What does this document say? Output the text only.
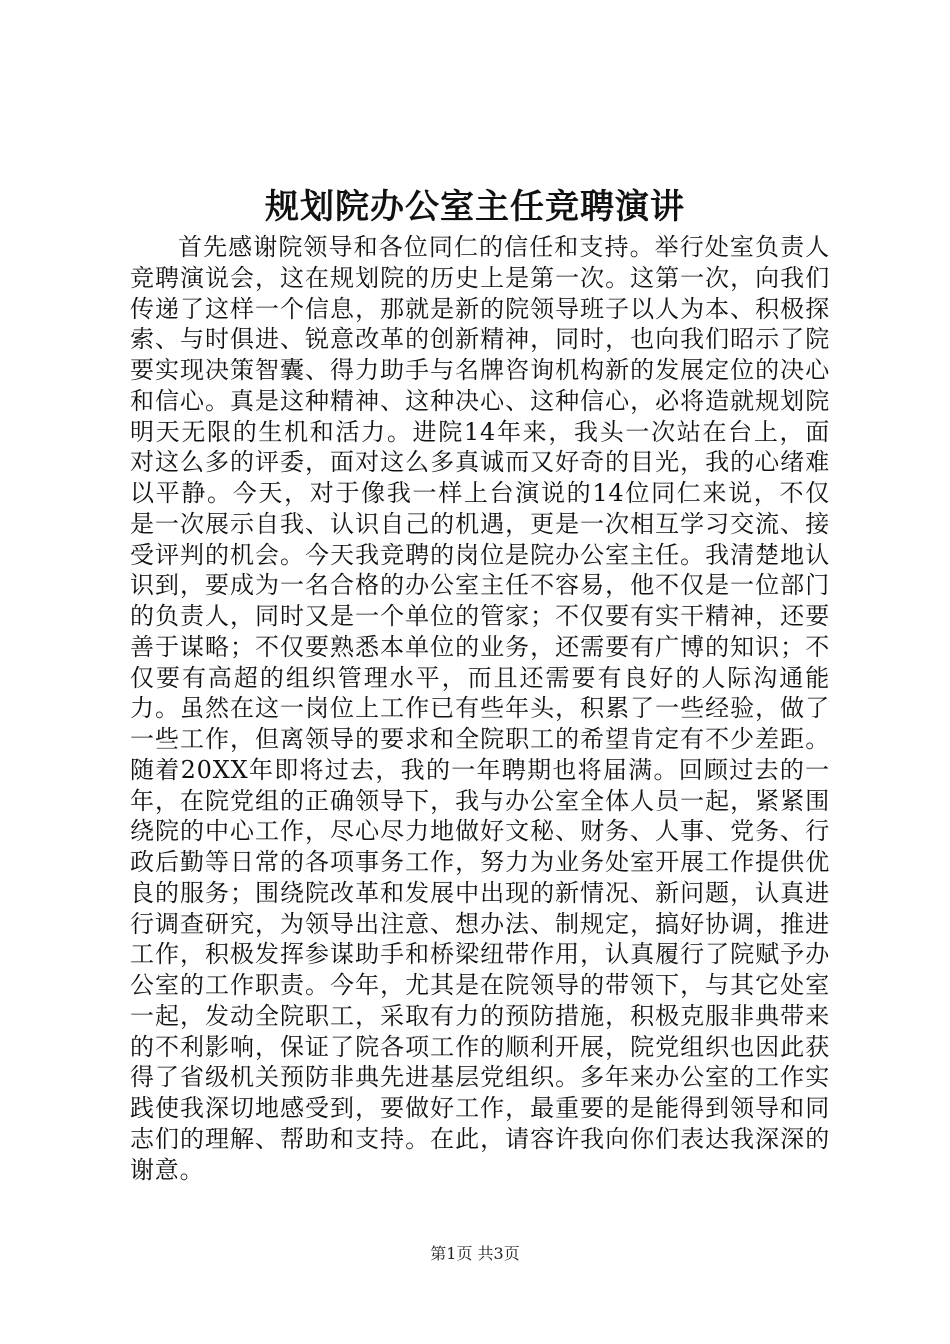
规划院办公室主任竞聘演讲

首先感谢院领导和各位同仁的信任和支持。举行处室负责人竞聘演说会，这在规划院的历史上是第一次。这第一次，向我们传递了这样一个信息，那就是新的院领导班子以人为本、积极探索、与时俱进、锐意改革的创新精神，同时，也向我们昭示了院要实现决策智囊、得力助手与名牌咨询机构新的发展定位的决心和信心。真是这种精神、这种决心、这种信心，必将造就规划院明天无限的生机和活力。进院14年来，我头一次站在台上，面对这么多的评委，面对这么多真诚而又好奇的目光，我的心绪难以平静。今天，对于像我一样上台演说的14位同仁来说，不仅是一次展示自我、认识自己的机遇，更是一次相互学习交流、接受评判的机会。今天我竞聘的岗位是院办公室主任。我清楚地认识到，要成为一名合格的办公室主任不容易，他不仅是一位部门的负责人，同时又是一个单位的管家；不仅要有实干精神，还要善于谋略；不仅要熟悉本单位的业务，还需要有广博的知识；不仅要有高超的组织管理水平，而且还需要有良好的人际沟通能力。虽然在这一岗位上工作已有些年头，积累了一些经验，做了一些工作，但离领导的要求和全院职工的希望肯定有不少差距。随着20XX年即将过去，我的一年聘期也将届满。回顾过去的一年，在院党组的正确领导下，我与办公室全体人员一起，紧紧围绕院的中心工作，尽心尽力地做好文秘、财务、人事、党务、行政后勤等日常的各项事务工作，努力为业务处室开展工作提供优良的服务；围绕院改革和发展中出现的新情况、新问题，认真进行调查研究，为领导出注意、想办法、制规定，搞好协调，推进工作，积极发挥参谋助手和桥梁纽带作用，认真履行了院赋予办公室的工作职责。今年，尤其是在院领导的带领下，与其它处室一起，发动全院职工，采取有力的预防措施，积极克服非典带来的不利影响，保证了院各项工作的顺利开展，院党组织也因此获得了省级机关预防非典先进基层党组织。多年来办公室的工作实践使我深切地感受到，要做好工作，最重要的是能得到领导和同志们的理解、帮助和支持。在此，请容许我向你们表达我深深的谢意。

第1页 共3页
